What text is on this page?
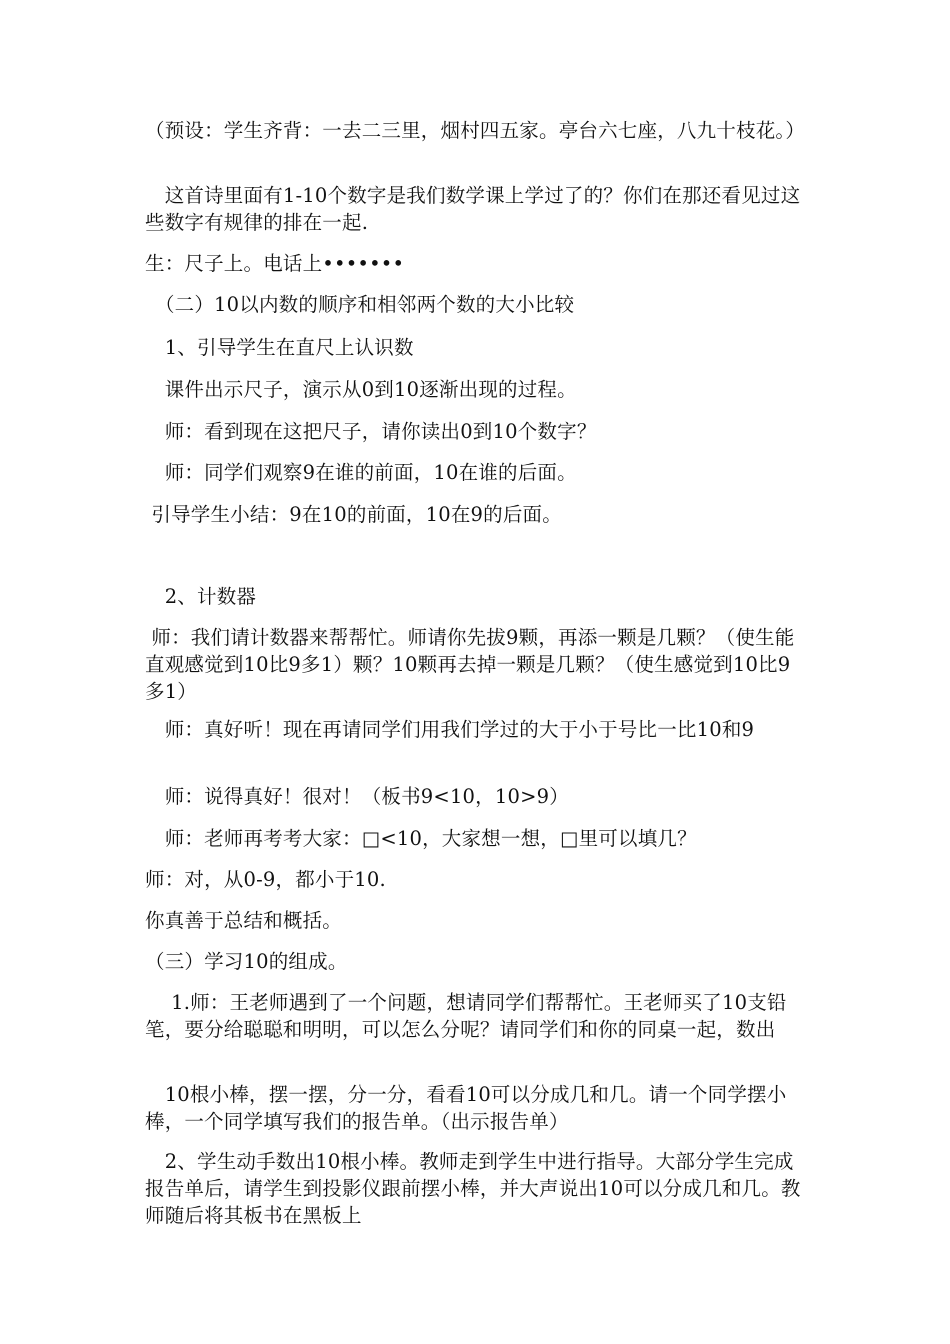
（预设：学生齐背：一去二三里，烟村四五家。亭台六七座，八九十枝花。）
　这首诗里面有1-10个数字是我们数学课上学过了的？你们在那还看见过这些数字有规律的排在一起.
生：尺子上。电话上•••••••
　（二）10以内数的顺序和相邻两个数的大小比较
　1、引导学生在直尺上认识数
　课件出示尺子，演示从0到10逐渐出现的过程。
　师：看到现在这把尺子，请你读出0到10个数字？
　师：同学们观察9在谁的前面，10在谁的后面。
引导学生小结：9在10的前面，10在9的后面。
　2、计数器
师：我们请计数器来帮帮忙。师请你先拔9颗，再添一颗是几颗？（使生能直观感觉到10比9多1）颗？10颗再去掉一颗是几颗？（使生感觉到10比9多1）
　师：真好听！现在再请同学们用我们学过的大于小于号比一比10和9
　师：说得真好！很对！（板书9<10，10>9）
　师：老师再考考大家：□<10，大家想一想，□里可以填几？
师：对，从0-9，都小于10.
你真善于总结和概括。
（三）学习10的组成。
　 1.师：王老师遇到了一个问题，想请同学们帮帮忙。王老师买了10支铅笔，要分给聪聪和明明，可以怎么分呢？请同学们和你的同桌一起，数出
　10根小棒，摆一摆，分一分，看看10可以分成几和几。请一个同学摆小棒，一个同学填写我们的报告单。（出示报告单）
　2、学生动手数出10根小棒。教师走到学生中进行指导。大部分学生完成报告单后，请学生到投影仪跟前摆小棒，并大声说出10可以分成几和几。教师随后将其板书在黑板上
